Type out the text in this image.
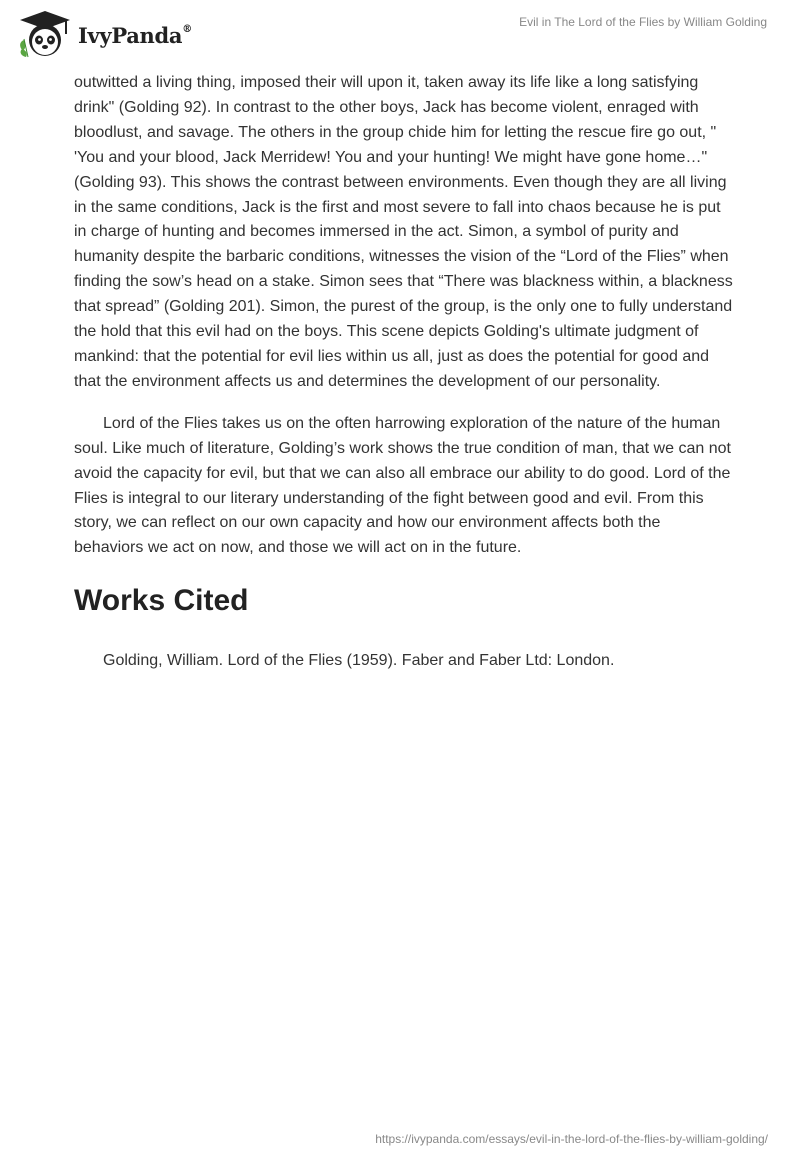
IvyPanda®	Evil in The Lord of the Flies by William Golding

outwitted a living thing, imposed their will upon it, taken away its life like a long satisfying drink" (Golding 92). In contrast to the other boys, Jack has become violent, enraged with bloodlust, and savage. The others in the group chide him for letting the rescue fire go out, " 'You and your blood, Jack Merridew! You and your hunting! We might have gone home…" (Golding 93). This shows the contrast between environments. Even though they are all living in the same conditions, Jack is the first and most severe to fall into chaos because he is put in charge of hunting and becomes immersed in the act. Simon, a symbol of purity and humanity despite the barbaric conditions, witnesses the vision of the “Lord of the Flies” when finding the sow’s head on a stake. Simon sees that “There was blackness within, a blackness that spread” (Golding 201). Simon, the purest of the group, is the only one to fully understand the hold that this evil had on the boys. This scene depicts Golding's ultimate judgment of mankind: that the potential for evil lies within us all, just as does the potential for good and that the environment affects us and determines the development of our personality.

Lord of the Flies takes us on the often harrowing exploration of the nature of the human soul. Like much of literature, Golding’s work shows the true condition of man, that we can not avoid the capacity for evil, but that we can also all embrace our ability to do good. Lord of the Flies is integral to our literary understanding of the fight between good and evil. From this story, we can reflect on our own capacity and how our environment affects both the behaviors we act on now, and those we will act on in the future.

Works Cited

Golding, William. Lord of the Flies (1959). Faber and Faber Ltd: London.

https://ivypanda.com/essays/evil-in-the-lord-of-the-flies-by-william-golding/
